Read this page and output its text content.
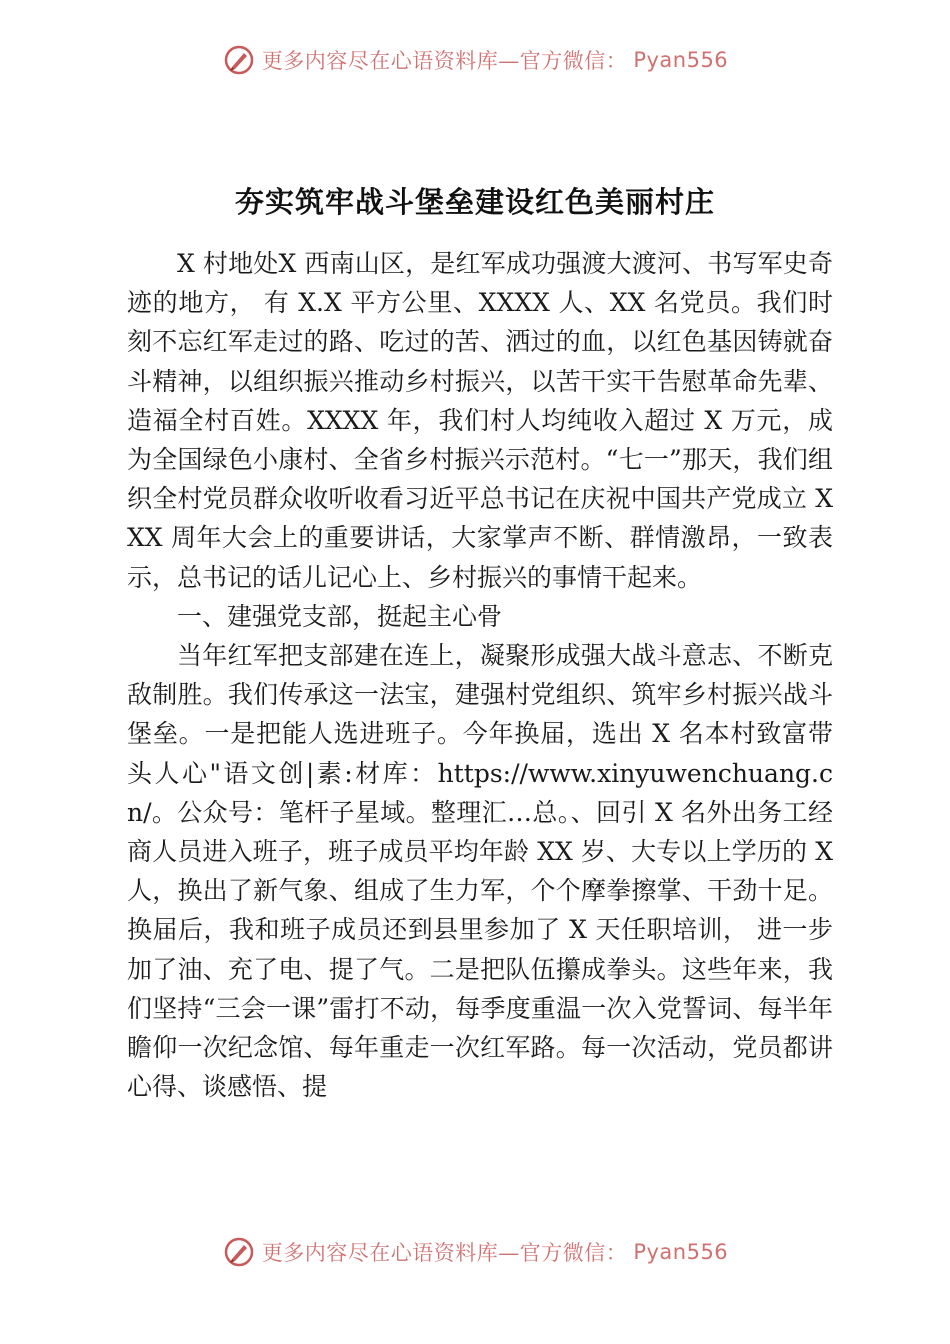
更多内容尽在心语资料库—官方微信： Pyan556
夯实筑牢战斗堡垒建设红色美丽村庄

X 村地处X 西南山区，是红军成功强渡大渡河、书写军史奇迹的地方， 有 X.X 平方公里、XXXX 人、XX 名党员。我们时刻不忘红军走过的路、吃过的苦、洒过的血，以红色基因铸就奋斗精神，以组织振兴推动乡村振兴，以苦干实干告慰革命先辈、造福全村百姓。XXXX 年，我们村人均纯收入超过 X 万元，成为全国绿色小康村、全省乡村振兴示范村。“七一”那天，我们组织全村党员群众收听收看习近平总书记在庆祝中国共产党成立 XXX 周年大会上的重要讲话，大家掌声不断、群情激昂，一致表示，总书记的话儿记心上、乡村振兴的事情干起来。

一、建强党支部，挺起主心骨

当年红军把支部建在连上，凝聚形成强大战斗意志、不断克敌制胜。我们传承这一法宝，建强村党组织、筑牢乡村振兴战斗堡垒。一是把能人选进班子。今年换届，选出 X 名本村致富带头人心"语文创|素:材库：https://www.xinyuwenchuang.cn/。公众号：笔杆子星域。整理汇…总。、回引 X 名外出务工经商人员进入班子，班子成员平均年龄 XX 岁、大专以上学历的 X 人，换出了新气象、组成了生力军，个个摩拳擦掌、干劲十足。换届后，我和班子成员还到县里参加了 X 天任职培训， 进一步加了油、充了电、提了气。二是把队伍攥成拳头。这些年来，我们坚持“三会一课”雷打不动，每季度重温一次入党誓词、每半年瞻仰一次纪念馆、每年重走一次红军路。每一次活动，党员都讲心得、谈感悟、提

更多内容尽在心语资料库—官方微信： Pyan556
